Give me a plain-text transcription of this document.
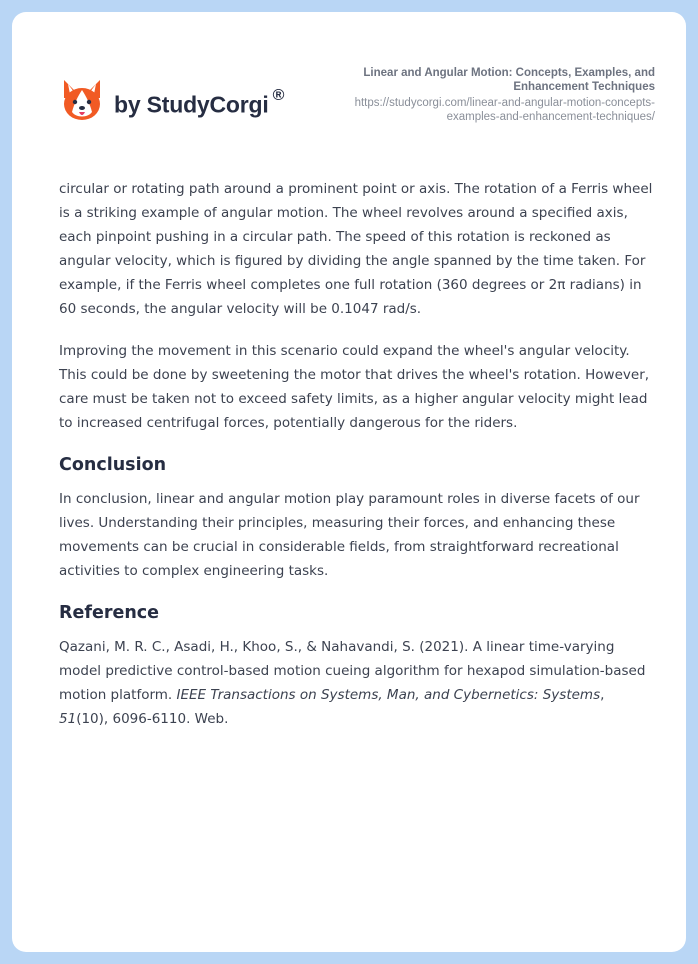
by StudyCorgi ®
Linear and Angular Motion: Concepts, Examples, and Enhancement Techniques
https://studycorgi.com/linear-and-angular-motion-concepts-examples-and-enhancement-techniques/

circular or rotating path around a prominent point or axis. The rotation of a Ferris wheel is a striking example of angular motion. The wheel revolves around a specified axis, each pinpoint pushing in a circular path. The speed of this rotation is reckoned as angular velocity, which is figured by dividing the angle spanned by the time taken. For example, if the Ferris wheel completes one full rotation (360 degrees or 2π radians) in 60 seconds, the angular velocity will be 0.1047 rad/s.

Improving the movement in this scenario could expand the wheel's angular velocity. This could be done by sweetening the motor that drives the wheel's rotation. However, care must be taken not to exceed safety limits, as a higher angular velocity might lead to increased centrifugal forces, potentially dangerous for the riders.

Conclusion

In conclusion, linear and angular motion play paramount roles in diverse facets of our lives. Understanding their principles, measuring their forces, and enhancing these movements can be crucial in considerable fields, from straightforward recreational activities to complex engineering tasks.

Reference

Qazani, M. R. C., Asadi, H., Khoo, S., & Nahavandi, S. (2021). A linear time-varying model predictive control-based motion cueing algorithm for hexapod simulation-based motion platform. IEEE Transactions on Systems, Man, and Cybernetics: Systems, 51(10), 6096-6110. Web.
